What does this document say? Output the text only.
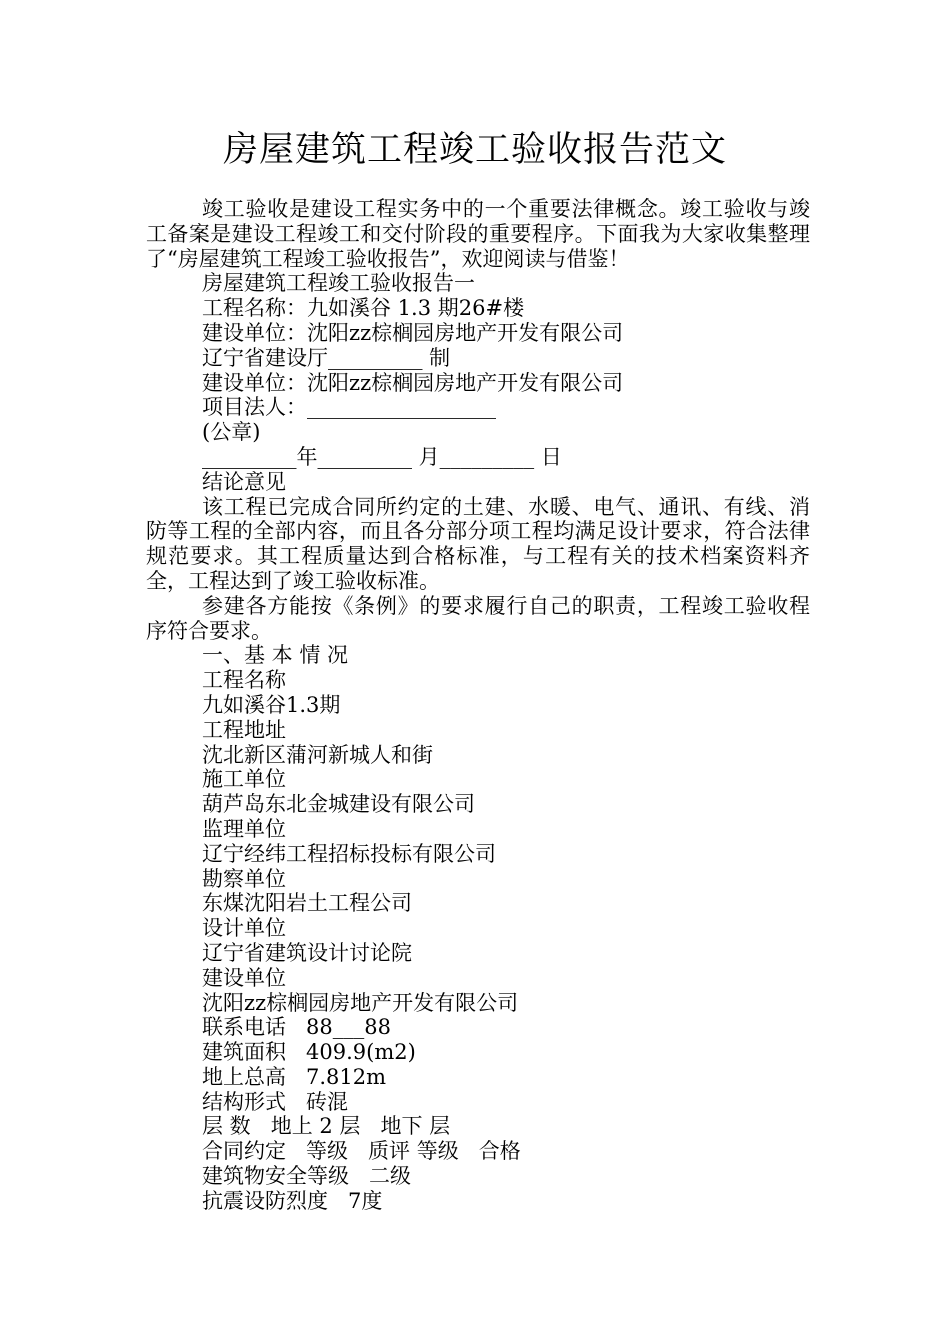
房屋建筑工程竣工验收报告范文

竣工验收是建设工程实务中的一个重要法律概念。竣工验收与竣工备案是建设工程竣工和交付阶段的重要程序。下面我为大家收集整理了“房屋建筑工程竣工验收报告”，欢迎阅读与借鉴！

房屋建筑工程竣工验收报告一

工程名称：九如溪谷 1.3 期26#楼

建设单位：沈阳zz棕榈园房地产开发有限公司

辽宁省建设厅_________ 制

建设单位：沈阳zz棕榈园房地产开发有限公司

项目法人：__________________

(公章)

_________年_________ 月_________ 日

结论意见

该工程已完成合同所约定的土建、水暖、电气、通讯、有线、消防等工程的全部内容，而且各分部分项工程均满足设计要求，符合法律规范要求。其工程质量达到合格标准，与工程有关的技术档案资料齐全，工程达到了竣工验收标准。

参建各方能按《条例》的要求履行自己的职责，工程竣工验收程序符合要求。

一、基 本 情 况

工程名称

九如溪谷1.3期

工程地址

沈北新区蒲河新城人和街

施工单位

葫芦岛东北金城建设有限公司

监理单位

辽宁经纬工程招标投标有限公司

勘察单位

东煤沈阳岩土工程公司

设计单位

辽宁省建筑设计讨论院

建设单位

沈阳zz棕榈园房地产开发有限公司

联系电话   88___88

建筑面积   409.9(m2)

地上总高   7.812m

结构形式   砖混

层 数   地上 2 层   地下 层

合同约定   等级   质评 等级   合格

建筑物安全等级   二级

抗震设防烈度   7度
